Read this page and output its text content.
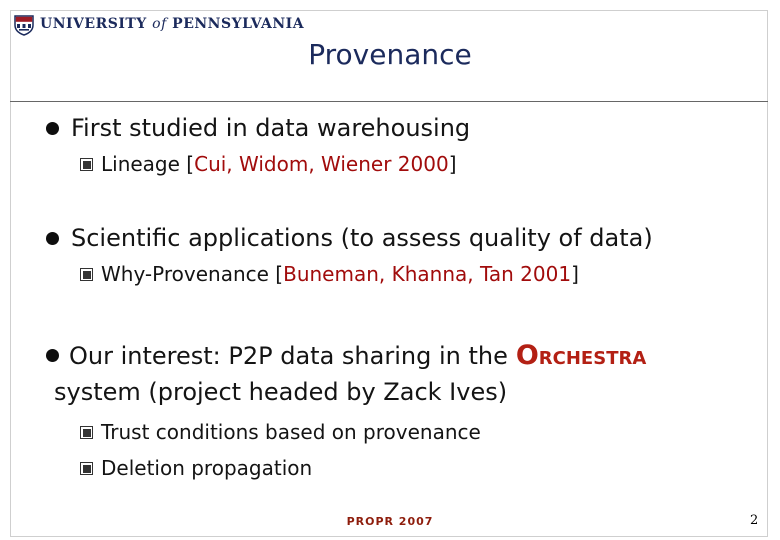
UNIVERSITY of PENNSYLVANIA
Provenance
First studied in data warehousing
Lineage [ Cui, Widom, Wiener 2000 ]
Scientific applications (to assess quality of data)
Why-Provenance [ Buneman, Khanna, Tan 2001 ]
Our interest: P2P data sharing in the ORCHESTRA
system (project headed by Zack Ives)
Trust conditions based on provenance
Deletion propagation
PROPR 2007	2
